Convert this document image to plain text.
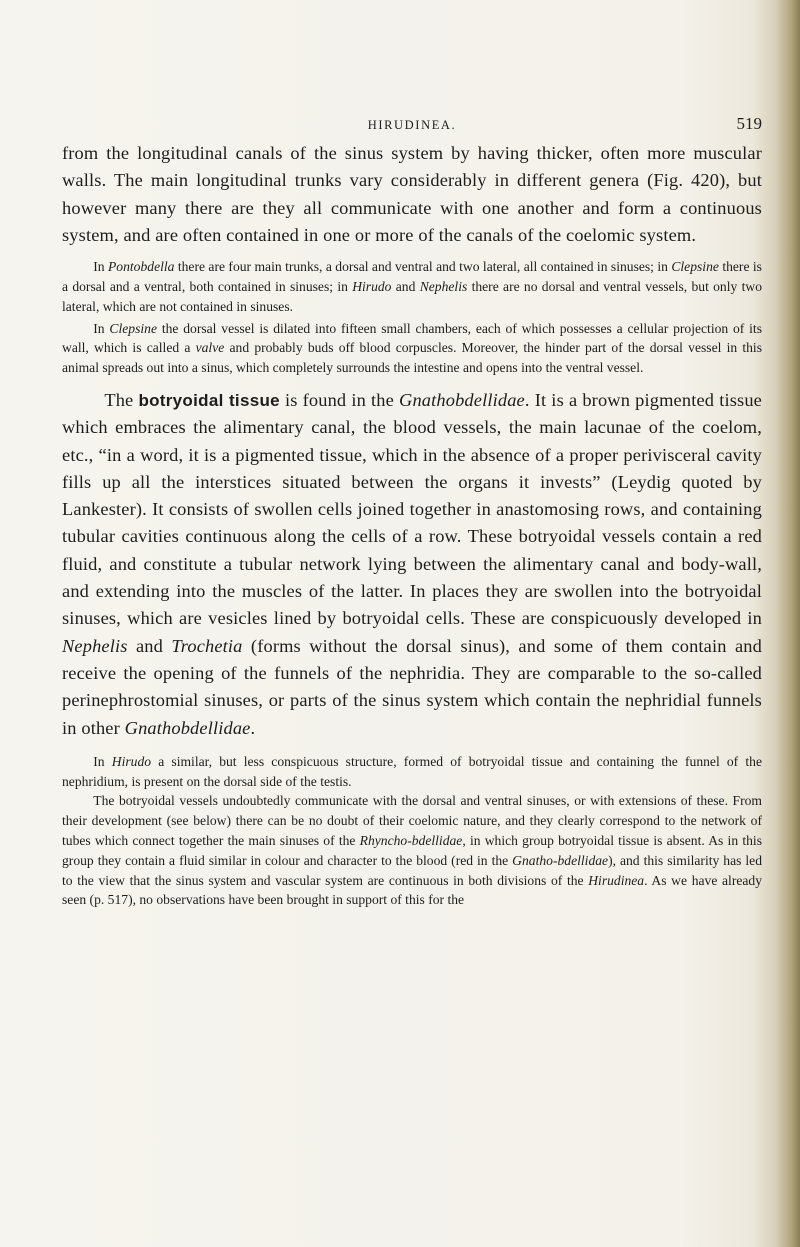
HIRUDINEA.	519

from the longitudinal canals of the sinus system by having thicker, often more muscular walls. The main longitudinal trunks vary considerably in different genera (Fig. 420), but however many there are they all communicate with one another and form a continuous system, and are often contained in one or more of the canals of the coelomic system.

In Pontobdella there are four main trunks, a dorsal and ventral and two lateral, all contained in sinuses; in Clepsine there is a dorsal and a ventral, both contained in sinuses; in Hirudo and Nephelis there are no dorsal and ventral vessels, but only two lateral, which are not contained in sinuses.

In Clepsine the dorsal vessel is dilated into fifteen small chambers, each of which possesses a cellular projection of its wall, which is called a valve and probably buds off blood corpuscles. Moreover, the hinder part of the dorsal vessel in this animal spreads out into a sinus, which completely surrounds the intestine and opens into the ventral vessel.

The botryoidal tissue is found in the Gnathobdellidae. It is a brown pigmented tissue which embraces the alimentary canal, the blood vessels, the main lacunae of the coelom, etc., “in a word, it is a pigmented tissue, which in the absence of a proper perivisceral cavity fills up all the interstices situated between the organs it invests” (Leydig quoted by Lankester). It consists of swollen cells joined together in anastomosing rows, and containing tubular cavities continuous along the cells of a row. These botryoidal vessels contain a red fluid, and constitute a tubular network lying between the alimentary canal and body-wall, and extending into the muscles of the latter. In places they are swollen into the botryoidal sinuses, which are vesicles lined by botryoidal cells. These are conspicuously developed in Nephelis and Trochetia (forms without the dorsal sinus), and some of them contain and receive the opening of the funnels of the nephridia. They are comparable to the so-called perinephrostomial sinuses, or parts of the sinus system which contain the nephridial funnels in other Gnathobdellidae.

In Hirudo a similar, but less conspicuous structure, formed of botryoidal tissue and containing the funnel of the nephridium, is present on the dorsal side of the testis.

The botryoidal vessels undoubtedly communicate with the dorsal and ventral sinuses, or with extensions of these. From their development (see below) there can be no doubt of their coelomic nature, and they clearly correspond to the network of tubes which connect together the main sinuses of the Rhyncho-bdellidae, in which group botryoidal tissue is absent. As in this group they contain a fluid similar in colour and character to the blood (red in the Gnatho-bdellidae), and this similarity has led to the view that the sinus system and vascular system are continuous in both divisions of the Hirudinea. As we have already seen (p. 517), no observations have been brought in support of this for the
